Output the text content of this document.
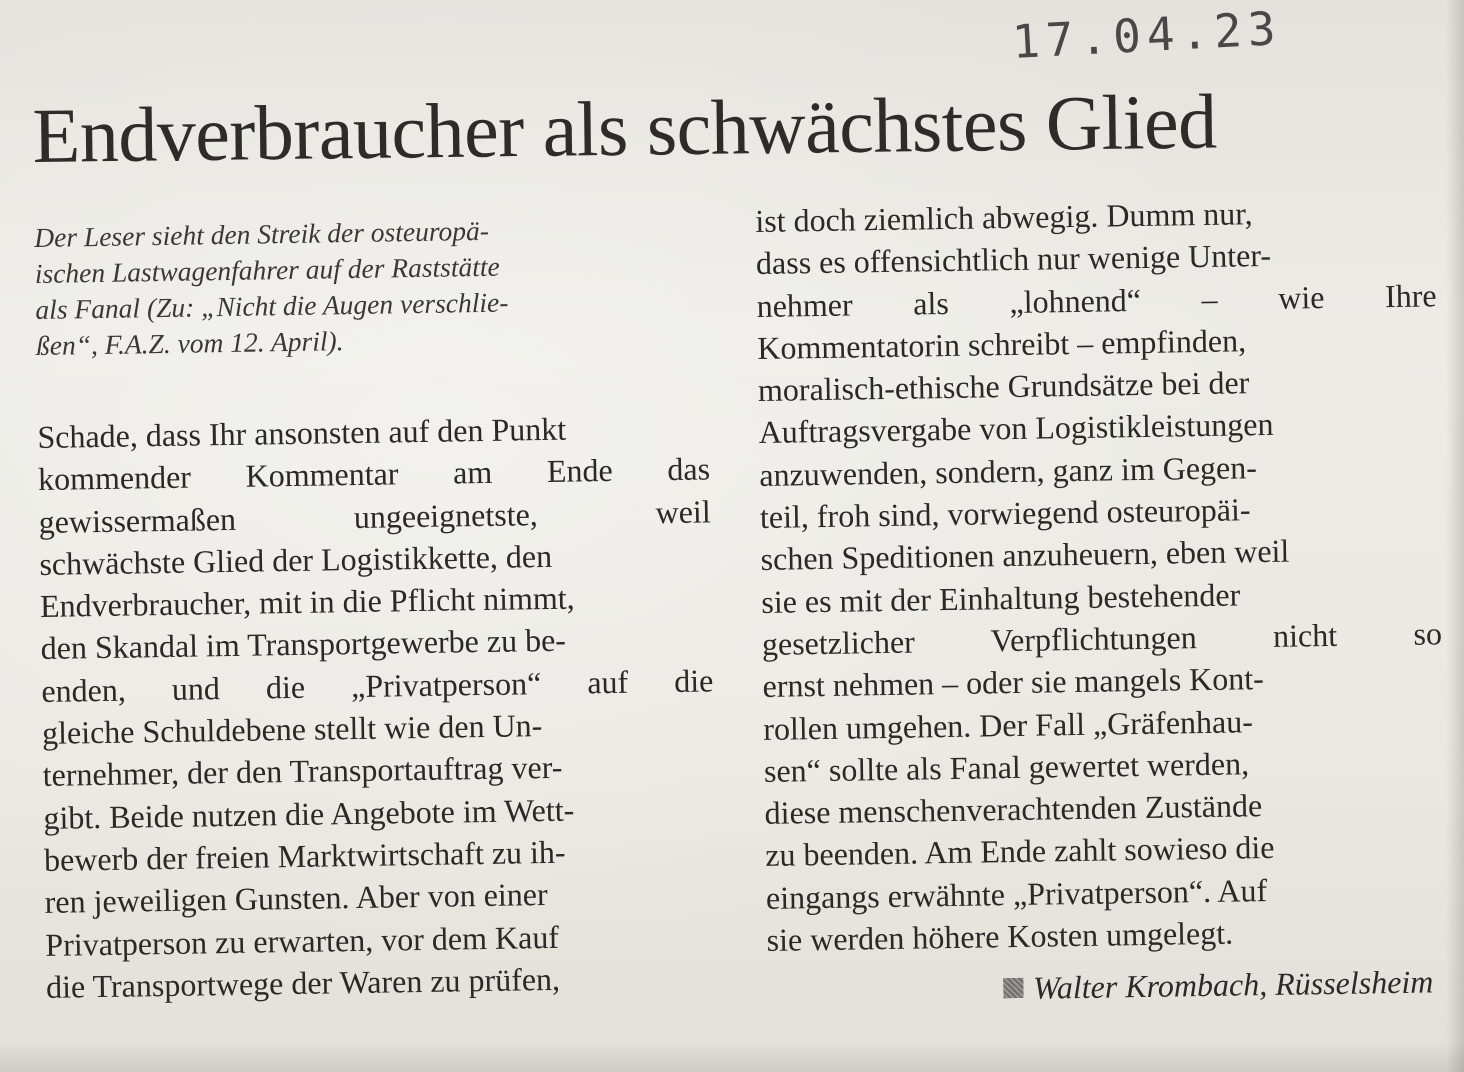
17.04.23
Endverbraucher als schwächstes Glied

Der Leser sieht den Streik der osteuropä-
ischen Lastwagenfahrer auf der Raststätte
als Fanal (Zu: „Nicht die Augen verschlie-
ßen“, F.A.Z. vom 12. April).

Schade, dass Ihr ansonsten auf den Punkt
kommender Kommentar am Ende das
gewissermaßen ungeeignetste, weil
schwächste Glied der Logistikkette, den
Endverbraucher, mit in die Pflicht nimmt,
den Skandal im Transportgewerbe zu be-
enden, und die „Privatperson“ auf die
gleiche Schuldebene stellt wie den Un-
ternehmer, der den Transportauftrag ver-
gibt. Beide nutzen die Angebote im Wett-
bewerb der freien Marktwirtschaft zu ih-
ren jeweiligen Gunsten. Aber von einer
Privatperson zu erwarten, vor dem Kauf
die Transportwege der Waren zu prüfen,
ist doch ziemlich abwegig. Dumm nur,
dass es offensichtlich nur wenige Unter-
nehmer als „lohnend“ – wie Ihre
Kommentatorin schreibt – empfinden,
moralisch-ethische Grundsätze bei der
Auftragsvergabe von Logistikleistungen
anzuwenden, sondern, ganz im Gegen-
teil, froh sind, vorwiegend osteuropäi-
schen Speditionen anzuheuern, eben weil
sie es mit der Einhaltung bestehender
gesetzlicher Verpflichtungen nicht so
ernst nehmen – oder sie mangels Kont-
rollen umgehen. Der Fall „Gräfenhau-
sen“ sollte als Fanal gewertet werden,
diese menschenverachtenden Zustände
zu beenden. Am Ende zahlt sowieso die
eingangs erwähnte „Privatperson“. Auf
sie werden höhere Kosten umgelegt.
Walter Krombach, Rüsselsheim
